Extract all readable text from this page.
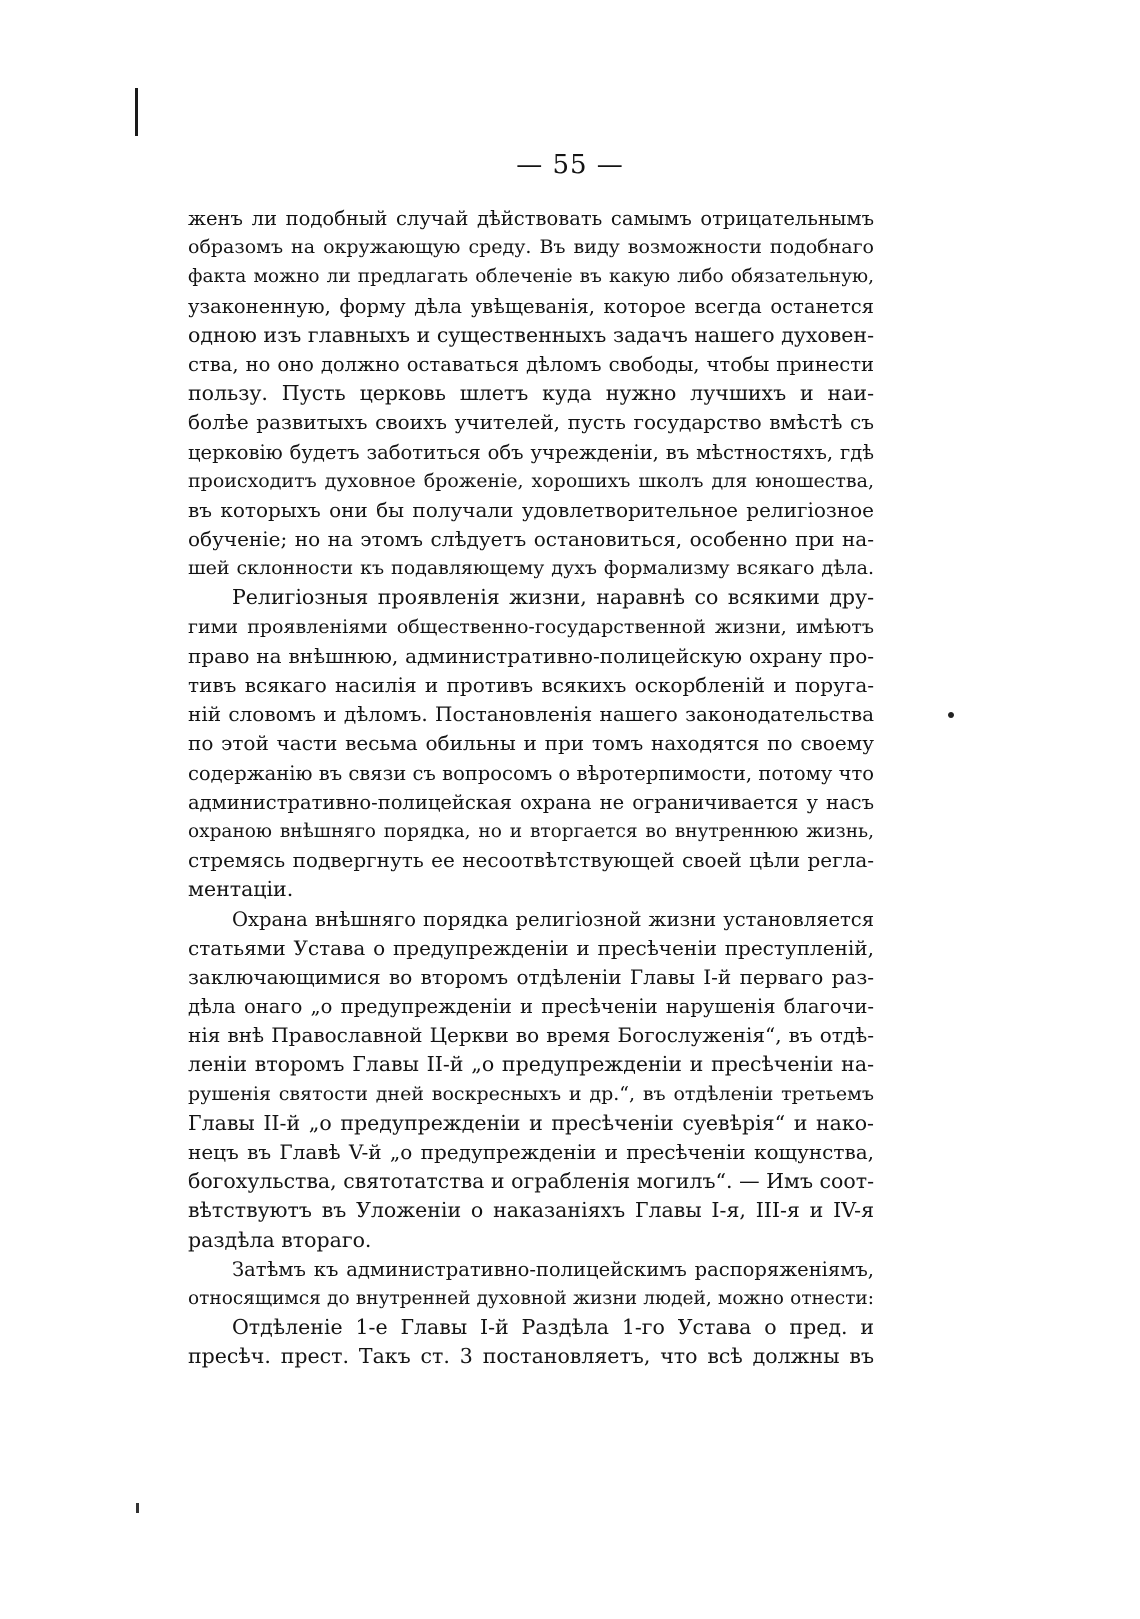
— 55 —
женъ ли подобный случай дѣйствовать самымъ отрицательнымъ
образомъ на окружающую среду. Въ виду возможности подобнаго
факта можно ли предлагать облеченіе въ какую либо обязательную,
узаконенную, форму дѣла увѣщеванія, которое всегда останется
одною изъ главныхъ и существенныхъ задачъ нашего духовен-
ства, но оно должно оставаться дѣломъ свободы, чтобы принести
пользу. Пусть церковь шлетъ куда нужно лучшихъ и наи-
болѣе развитыхъ своихъ учителей, пусть государство вмѣстѣ съ
церковію будетъ заботиться объ учрежденіи, въ мѣстностяхъ, гдѣ
происходитъ духовное броженіе, хорошихъ школъ для юношества,
въ которыхъ они бы получали удовлетворительное религіозное
обученіе; но на этомъ слѣдуетъ остановиться, особенно при на-
шей склонности къ подавляющему духъ формализму всякаго дѣла.
Религіозныя проявленія жизни, наравнѣ со всякими дру-
гими проявленіями общественно-государственной жизни, имѣютъ
право на внѣшнюю, административно-полицейскую охрану про-
тивъ всякаго насилія и противъ всякихъ оскорбленій и поруга-
ній словомъ и дѣломъ. Постановленія нашего законодательства
по этой части весьма обильны и при томъ находятся по своему
содержанію въ связи съ вопросомъ о вѣротерпимости, потому что
административно-полицейская охрана не ограничивается у насъ
охраною внѣшняго порядка, но и вторгается во внутреннюю жизнь,
стремясь подвергнуть ее несоотвѣтствующей своей цѣли регла-
ментаціи.
Охрана внѣшняго порядка религіозной жизни установляется
статьями Устава о предупрежденіи и пресѣченіи преступленій,
заключающимися во второмъ отдѣленіи Главы I-й перваго раз-
дѣла онаго „о предупрежденіи и пресѣченіи нарушенія благочи-
нія внѣ Православной Церкви во время Богослуженія“, въ отдѣ-
леніи второмъ Главы II-й „о предупрежденіи и пресѣченіи на-
рушенія святости дней воскресныхъ и др.“, въ отдѣленіи третьемъ
Главы II-й „о предупрежденіи и пресѣченіи суевѣрія“ и нако-
нецъ въ Главѣ V-й „о предупрежденіи и пресѣченіи кощунства,
богохульства, святотатства и ограбленія могилъ“. — Имъ соот-
вѣтствуютъ въ Уложеніи о наказаніяхъ Главы I-я, III-я и IV-я
раздѣла втораго.
Затѣмъ къ административно-полицейскимъ распоряженіямъ,
относящимся до внутренней духовной жизни людей, можно отнести:
Отдѣленіе 1-е Главы I-й Раздѣла 1-го Устава о пред. и
пресѣч. прест. Такъ ст. 3 постановляетъ, что всѣ должны въ
